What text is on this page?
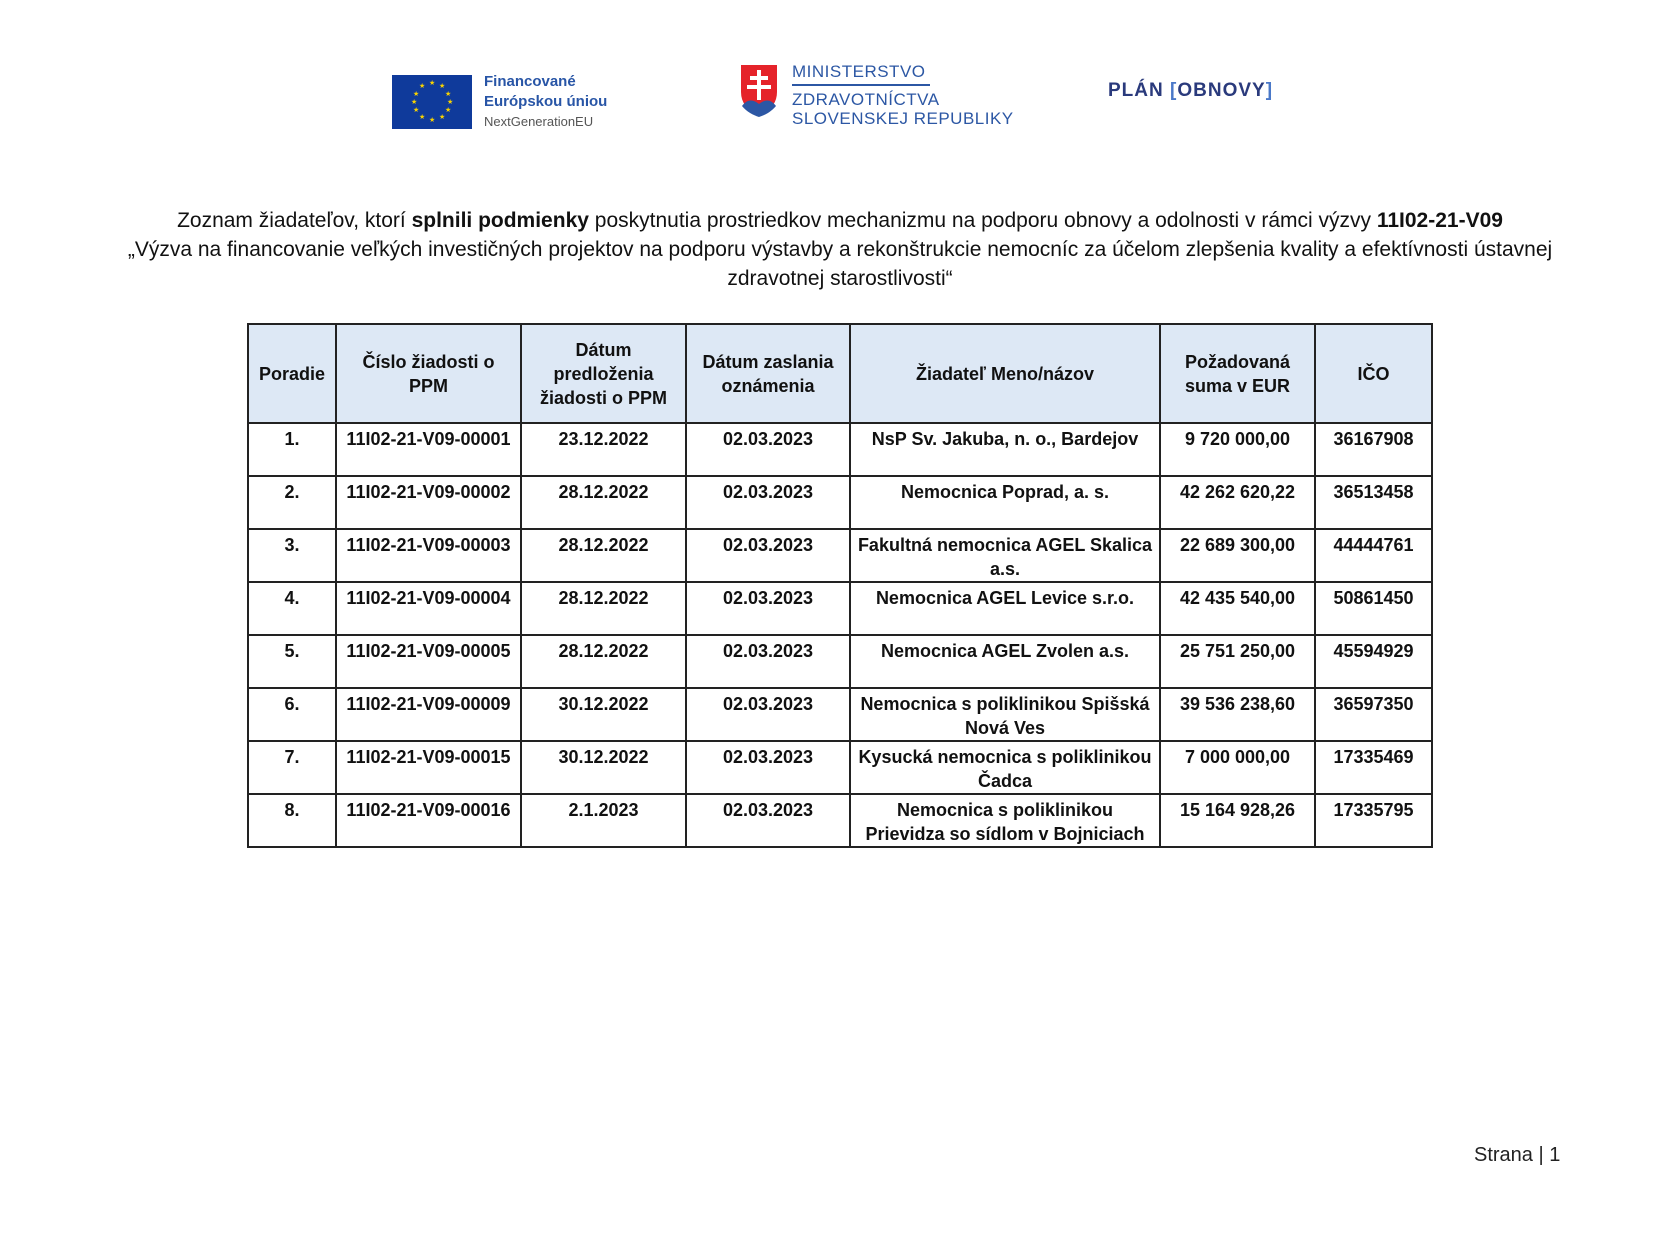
★ ★
★
★
★
★
★
★
★
★
★
★	Financované
Európskou úniou
NextGenerationEU
MINISTERSTVO
ZDRAVOTNÍCTVA
SLOVENSKEJ REPUBLIKY
PLÁN [OBNOVY]
Zoznam žiadateľov, ktorí splnili podmienky poskytnutia prostriedkov mechanizmu na podporu obnovy a odolnosti v rámci výzvy 11I02-21-V09
„Výzva na financovanie veľkých investičných projektov na podporu výstavby a rekonštrukcie nemocníc za účelom zlepšenia kvality a efektívnosti ústavnej zdravotnej starostlivosti“
Poradie	Číslo žiadosti o PPM	Dátum predloženia žiadosti o PPM	Dátum zaslania oznámenia	Žiadateľ Meno/názov	Požadovaná suma v EUR	IČO
1.	11I02-21-V09-00001	23.12.2022	02.03.2023	NsP Sv. Jakuba, n. o., Bardejov	9 720 000,00	36167908
2.	11I02-21-V09-00002	28.12.2022	02.03.2023	Nemocnica Poprad, a. s.	42 262 620,22	36513458
3.	11I02-21-V09-00003	28.12.2022	02.03.2023	Fakultná nemocnica AGEL Skalica a.s.	22 689 300,00	44444761
4.	11I02-21-V09-00004	28.12.2022	02.03.2023	Nemocnica AGEL Levice s.r.o.	42 435 540,00	50861450
5.	11I02-21-V09-00005	28.12.2022	02.03.2023	Nemocnica AGEL Zvolen a.s.	25 751 250,00	45594929
6.	11I02-21-V09-00009	30.12.2022	02.03.2023	Nemocnica s poliklinikou Spišská Nová Ves	39 536 238,60	36597350
7.	11I02-21-V09-00015	30.12.2022	02.03.2023	Kysucká nemocnica s poliklinikou Čadca	7 000 000,00	17335469
8.	11I02-21-V09-00016	2.1.2023	02.03.2023	Nemocnica s poliklinikou Prievidza so sídlom v Bojniciach	15 164 928,26	17335795
Strana | 1
